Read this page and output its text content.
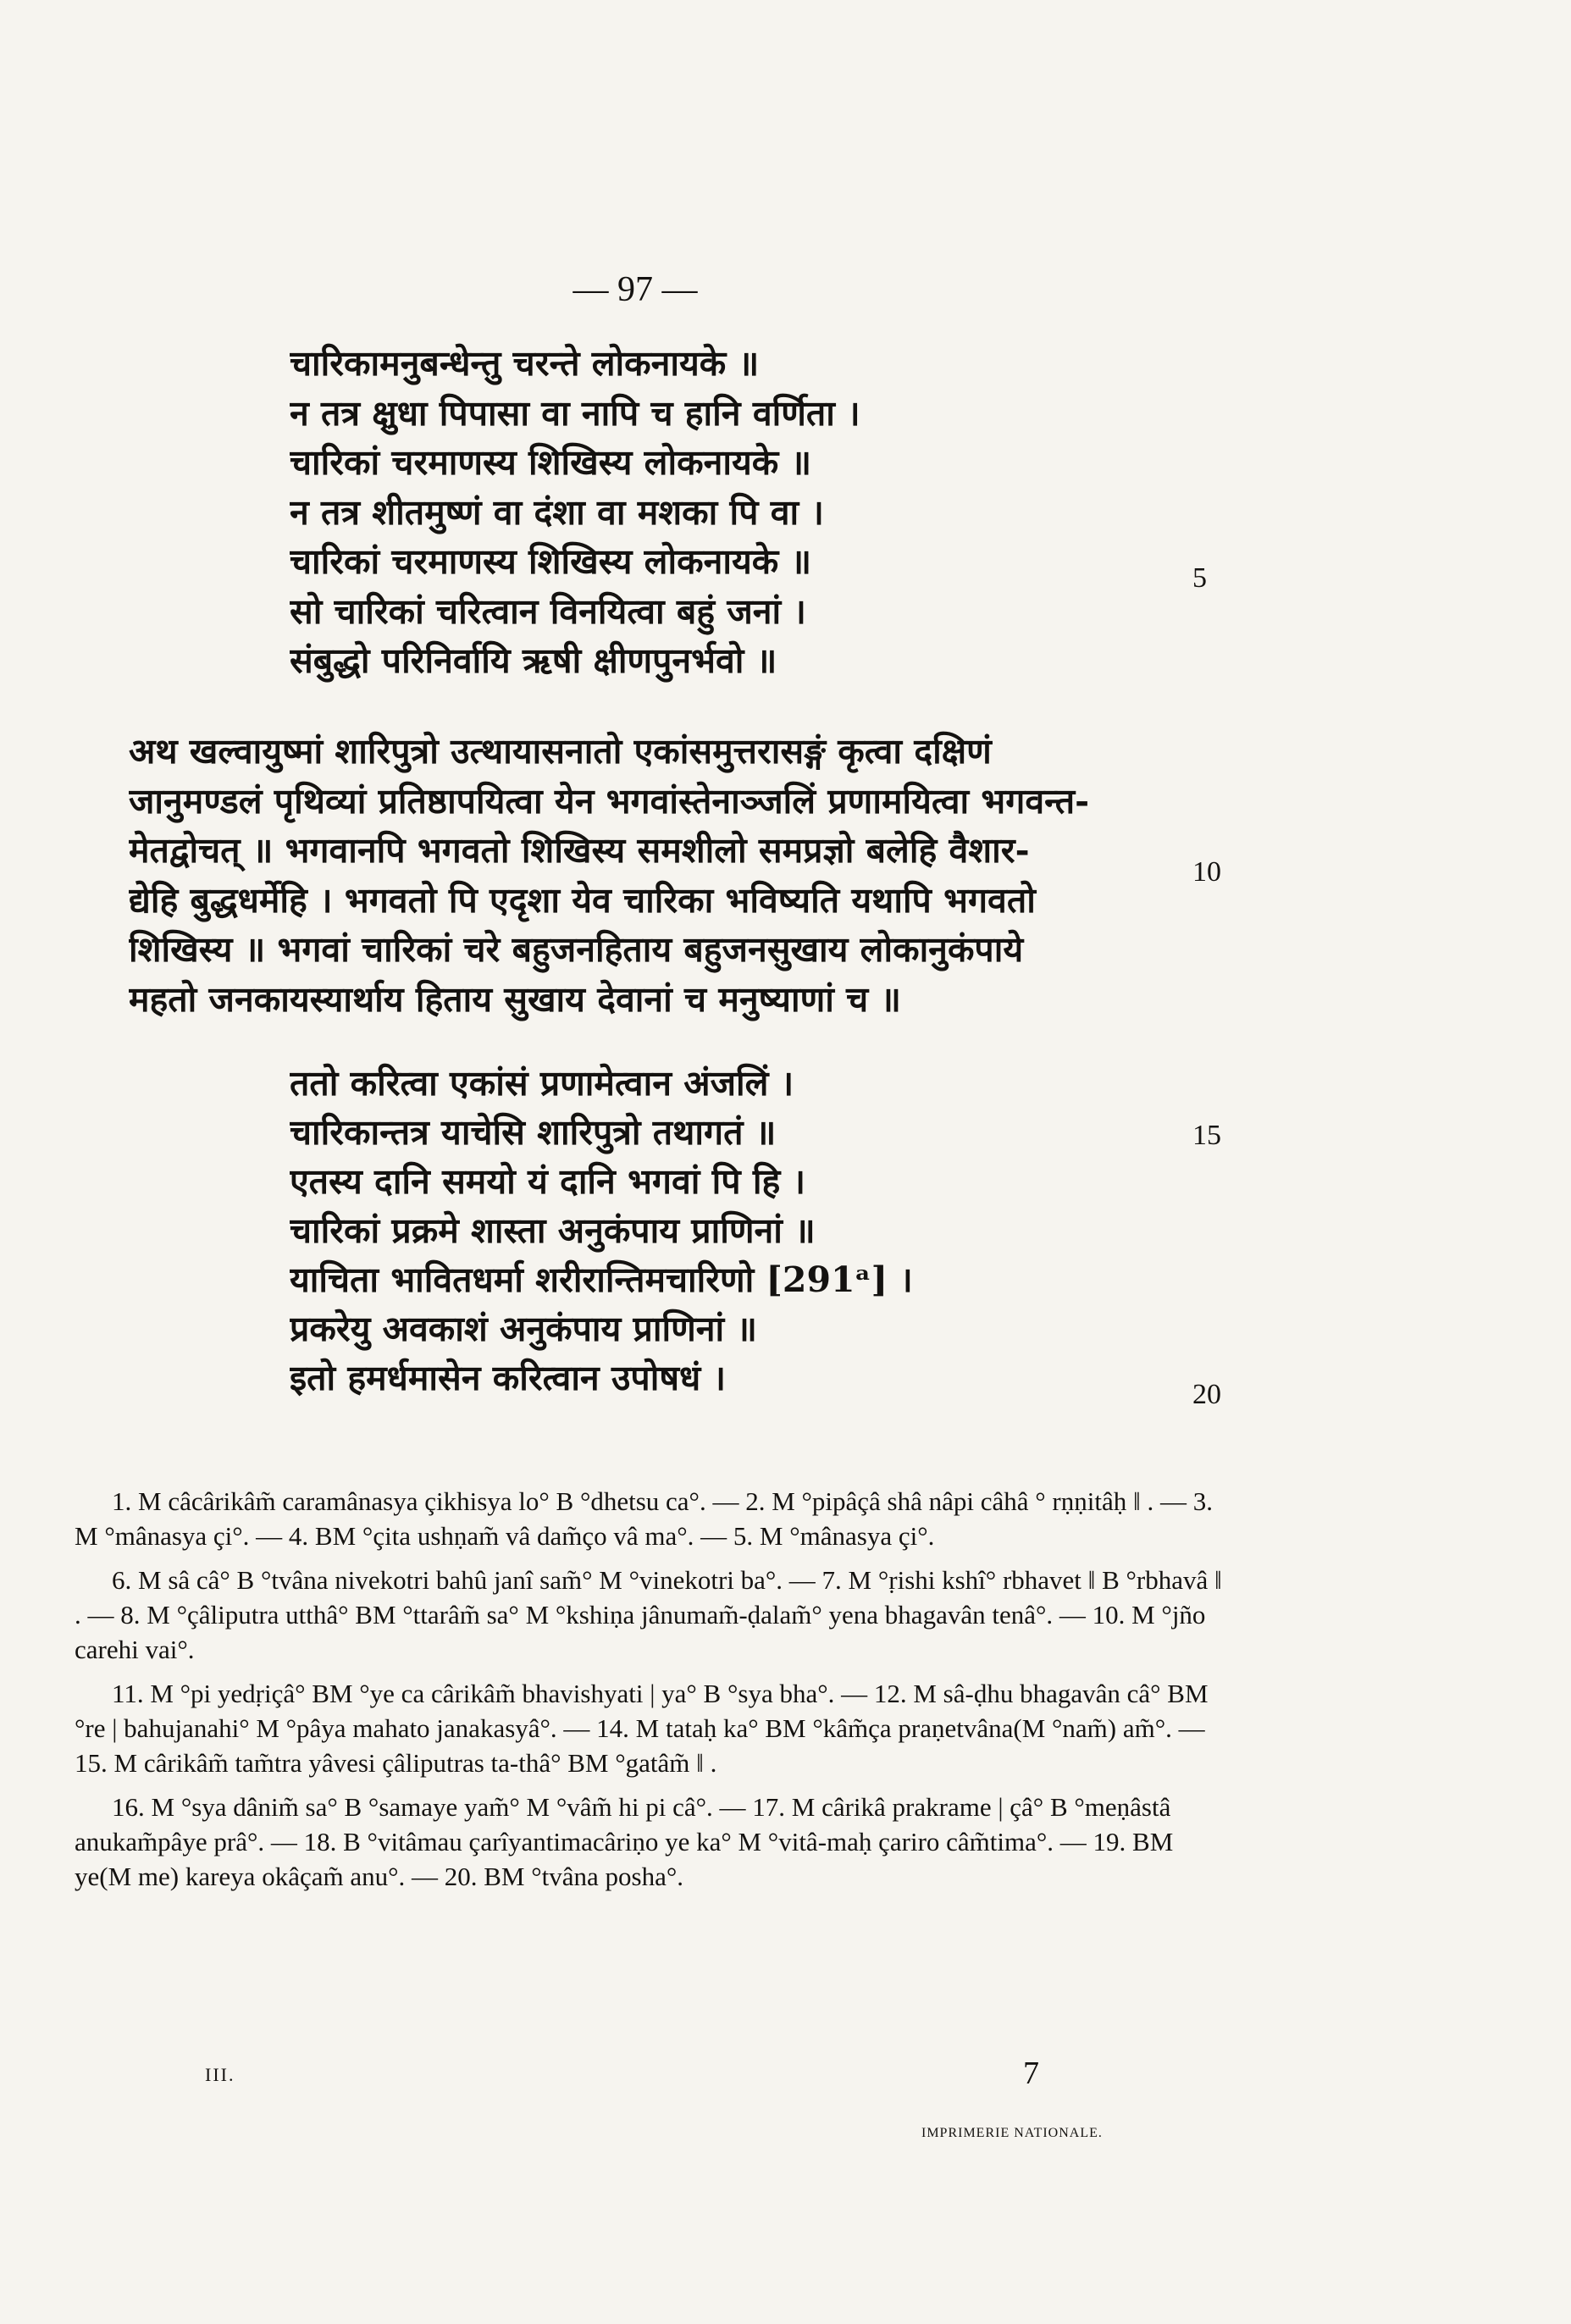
— 97 —
चारिकामनुबन्धेन्तु चरन्ते लोकनायके ॥
न तत्र क्षुधा पिपासा वा नापि च हानि वर्णिता ।
चारिकां चरमाणस्य शिखिस्य लोकनायके ॥
न तत्र शीतमुष्णं वा दंशा वा मशका पि वा ।
चारिकां चरमाणस्य शिखिस्य लोकनायके ॥
सो चारिकां चरित्वान विनयित्वा बहुं जनां ।
संबुद्धो परिनिर्वायि ऋषी क्षीणपुनर्भवो ॥
अथ खल्वायुष्मां शारिपुत्रो उत्थायासनातो एकांसमुत्तरासङ्गं कृत्वा दक्षिणं
जानुमण्डलं पृथिव्यां प्रतिष्ठापयित्वा येन भगवांस्तेनाञ्जलिं प्रणामयित्वा भगवन्त-
मेतद्वोचत् ॥ भगवानपि भगवतो शिखिस्य समशीलो समप्रज्ञो बलेहि वैशार-
द्येहि बुद्धधर्मेहि । भगवतो पि एदृशा येव चारिका भविष्यति यथापि भगवतो
शिखिस्य ॥ भगवां चारिकां चरे बहुजनहिताय बहुजनसुखाय लोकानुकंपाये
महतो जनकायस्यार्थाय हिताय सुखाय देवानां च मनुष्याणां च ॥
ततो करित्वा एकांसं प्रणामेत्वान अंजलिं ।
चारिकान्तत्र याचेसि शारिपुत्रो तथागतं ॥
एतस्य दानि समयो यं दानि भगवां पि हि ।
चारिकां प्रक्रमे शास्ता अनुकंपाय प्राणिनां ॥
याचिता भावितधर्मा शरीरान्तिमचारिणो [291ᵃ] ।
प्रकरेयु अवकाशं अनुकंपाय प्राणिनां ॥
इतो हमर्धमासेन करित्वान उपोषधं ।
5
10
15
20
1. M câcârikâm̃ caramânasya çikhisya lo° B °dhetsu ca°. — 2. M °pipâçâ shâ nâpi câhâ ° rṇṇitâḥ ‖ . — 3. M °mânasya çi°. — 4. BM °çita ushṇam̃ vâ dam̃ço vâ ma°. — 5. M °mânasya çi°.
6. M sâ câ° B °tvâna nivekotri bahû janî sam̃° M °vinekotri ba°. — 7. M °ṛishi kshî° rbhavet ‖ B °rbhavâ ‖ . — 8. M °çâliputra utthâ° BM °ttarâm̃ sa° M °kshiṇa jânumam̃-ḍalam̃° yena bhagavân tenâ°. — 10. M °jño carehi vai°.
11. M °pi yedṛiçâ° BM °ye ca cârikâm̃ bhavishyati | ya° B °sya bha°. — 12. M sâ-ḍhu bhagavân câ° BM °re | bahujanahi° M °pâya mahato janakasyâ°. — 14. M tataḥ ka° BM °kâm̃ça praṇetvâna(M °nam̃) am̃°. — 15. M cârikâm̃ tam̃tra yâvesi çâliputras ta-thâ° BM °gatâm̃ ‖ .
16. M °sya dânim̃ sa° B °samaye yam̃° M °vâm̃ hi pi câ°. — 17. M cârikâ prakrame | çâ° B °meṇâstâ anukam̃pâye prâ°. — 18. B °vitâmau çarîyantimacâriṇo ye ka° M °vitâ-maḥ çariro câm̃tima°. — 19. BM ye(M me) kareya okâçam̃ anu°. — 20. BM °tvâna posha°.
III.	7
IMPRIMERIE NATIONALE.
